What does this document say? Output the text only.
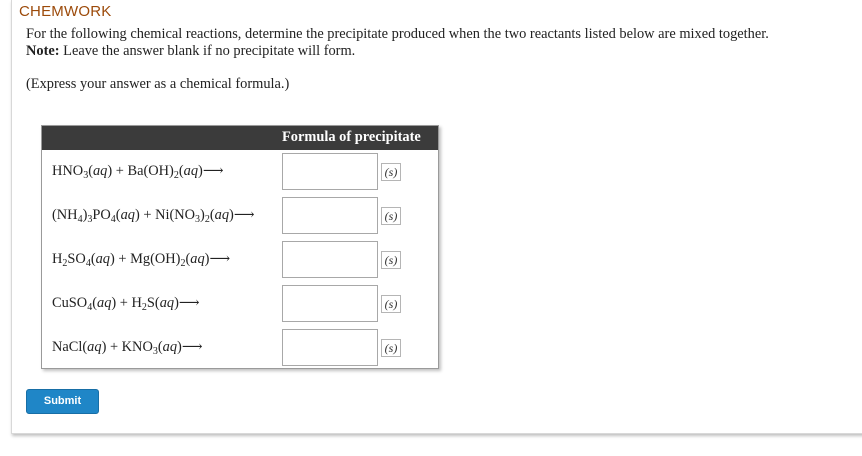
CHEMWORK
For the following chemical reactions, determine the precipitate produced when the two reactants listed below are mixed together.
Note: Leave the answer blank if no precipitate will form.
(Express your answer as a chemical formula.)
Formula of precipitate
$HNO_3(aq)$ + $Ba(OH)_2(aq)⟶$	(s)
$(NH_4)_3PO_4(aq)$ + $Ni(NO_3)_2(aq)⟶$	(s)
$H_2SO_4(aq)$ + $Mg(OH)_2(aq)⟶$	(s)
CuSO$_4$(aq) + $H_2S(aq)⟶$	(s)
NaCl(aq) + $KNO_3(aq)⟶$	(s)
Submit
